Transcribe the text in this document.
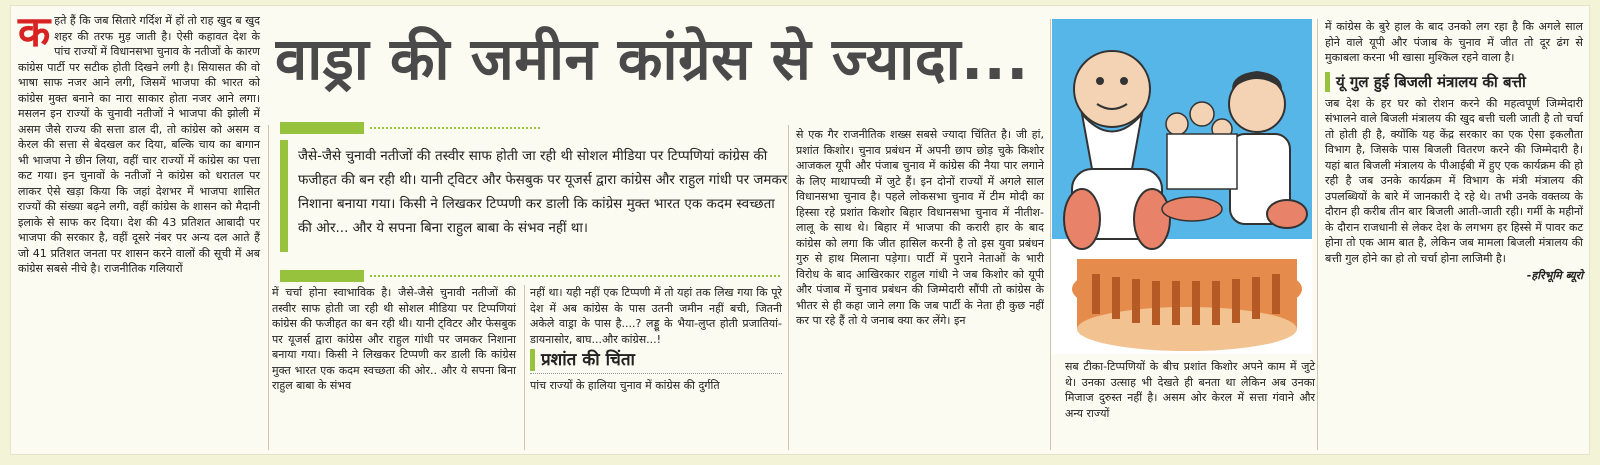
कहते हैं कि जब सितारे गर्दिश में हों तो राह खुद ब खुद शहर की तरफ मुड़ जाती है। ऐसी कहावत देश के पांच राज्यों में विधानसभा चुनाव के नतीजों के कारण कांग्रेस पार्टी पर सटीक होती दिखने लगी है। सियासत की वो भाषा साफ नजर आने लगी, जिसमें भाजपा की भारत को कांग्रेस मुक्त बनाने का नारा साकार होता नजर आने लगा। मसलन इन राज्यों के चुनावी नतीजों ने भाजपा की झोली में असम जैसे राज्य की सत्ता डाल दी, तो कांग्रेस को असम व केरल की सत्ता से बेदखल कर दिया, बल्कि चाय का बागान भी भाजपा ने छीन लिया, वहीं चार राज्यों में कांग्रेस का पत्ता कट गया। इन चुनावों के नतीजों ने कांग्रेस को धरातल पर लाकर ऐसे खड़ा किया कि जहां देशभर में भाजपा शासित राज्यों की संख्या बढ़ने लगी, वहीं कांग्रेस के शासन को मैदानी इलाके से साफ कर दिया। देश की 43 प्रतिशत आबादी पर भाजपा की सरकार है, वहीं दूसरे नंबर पर अन्य दल आते हैं जो 41 प्रतिशत जनता पर शासन करने वालों की सूची में अब कांग्रेस सबसे नीचे है। राजनीतिक गलियारों
वाड्रा की जमीन कांग्रेस से ज्यादा...
जैसे-जैसे चुनावी नतीजों की तस्वीर साफ होती जा रही थी सोशल मीडिया पर टिप्पणियां कांग्रेस की फजीहत की बन रही थी। यानी ट्विटर और फेसबुक पर यूजर्स द्वारा कांग्रेस और राहुल गांधी पर जमकर निशाना बनाया गया। किसी ने लिखकर टिप्पणी कर डाली कि कांग्रेस मुक्त भारत एक कदम स्वच्छता की ओर... और ये सपना बिना राहुल बाबा के संभव नहीं था।
में चर्चा होना स्वाभाविक है। जैसे-जैसे चुनावी नतीजों की तस्वीर साफ होती जा रही थी सोशल मीडिया पर टिप्पणियां कांग्रेस की फजीहत का बन रही थी। यानी ट्विटर और फेसबुक पर यूजर्स द्वारा कांग्रेस और राहुल गांधी पर जमकर निशाना बनाया गया। किसी ने लिखकर टिप्पणी कर डाली कि कांग्रेस मुक्त भारत एक कदम स्वच्छता की ओर.. और ये सपना बिना राहुल बाबा के संभव
नहीं था। यही नहीं एक टिप्पणी में तो यहां तक लिख गया कि पूरे देश में अब कांग्रेस के पास उतनी जमीन नहीं बची, जितनी अकेले वाड्रा के पास है....? लड्डू के भैया-लुप्त होती प्रजातियां- डायनासोर, बाघ...और कांग्रेस...!
प्रशांत की चिंता
पांच राज्यों के हालिया चुनाव में कांग्रेस की दुर्गति
से एक गैर राजनीतिक शख्स सबसे ज्यादा चिंतित है। जी हां, प्रशांत किशोर। चुनाव प्रबंधन में अपनी छाप छोड़ चुके किशोर आजकल यूपी और पंजाब चुनाव में कांग्रेस की नैया पार लगाने के लिए माथापच्ची में जुटे हैं। इन दोनों राज्यों में अगले साल विधानसभा चुनाव है। पहले लोकसभा चुनाव में टीम मोदी का हिस्सा रहे प्रशांत किशोर बिहार विधानसभा चुनाव में नीतीश-लालू के साथ थे। बिहार में भाजपा की करारी हार के बाद कांग्रेस को लगा कि जीत हासिल करनी है तो इस युवा प्रबंधन गुरु से हाथ मिलाना पड़ेगा। पार्टी में पुराने नेताओं के भारी विरोध के बाद आखिरकार राहुल गांधी ने जब किशोर को यूपी और पंजाब में चुनाव प्रबंधन की जिम्मेदारी सौंपी तो कांग्रेस के भीतर से ही कहा जाने लगा कि जब पार्टी के नेता ही कुछ नहीं कर पा रहे हैं तो ये जनाब क्या कर लेंगे। इन
सब टीका-टिप्पणियों के बीच प्रशांत किशोर अपने काम में जुटे थे। उनका उत्साह भी देखते ही बनता था लेकिन अब उनका मिजाज दुरुस्त नहीं है। असम ओर केरल में सत्ता गंवाने और अन्य राज्यों
में कांग्रेस के बुरे हाल के बाद उनको लग रहा है कि अगले साल होने वाले यूपी और पंजाब के चुनाव में जीत तो दूर ढंग से मुकाबला करना भी खासा मुश्किल रहने वाला है।
यूं गुल हुई बिजली मंत्रालय की बत्ती
जब देश के हर घर को रोशन करने की महत्वपूर्ण जिम्मेदारी संभालने वाले बिजली मंत्रालय की खुद बत्ती चली जाती है तो चर्चा तो होती ही है, क्योंकि यह केंद्र सरकार का एक ऐसा इकलौता विभाग है, जिसके पास बिजली वितरण करने की जिम्मेदारी है। यहां बात बिजली मंत्रालय के पीआईबी में हुए एक कार्यक्रम की हो रही है जब उनके कार्यक्रम में विभाग के मंत्री मंत्रालय की उपलब्धियों के बारे में जानकारी दे रहे थे। तभी उनके वक्तव्य के दौरान ही करीब तीन बार बिजली आती-जाती रही। गर्मी के महीनों के दौरान राजधानी से लेकर देश के लगभग हर हिस्से में पावर कट होना तो एक आम बात है, लेकिन जब मामला बिजली मंत्रालय की बत्ती गुल होने का हो तो चर्चा होना लाजिमी है।
-हरिभूमि ब्यूरो
